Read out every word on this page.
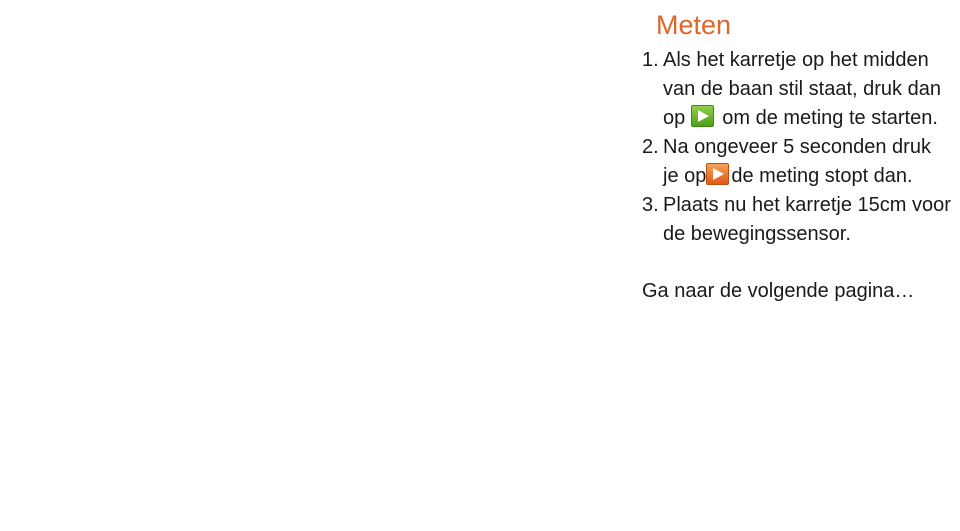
Meten
1. Als het karretje op het midden van de baan stil staat, druk dan op om de meting te starten.
2. Na ongeveer 5 seconden druk je op de meting stopt dan.
3. Plaats nu het karretje 15cm voor de bewegingssensor.

Ga naar de volgende pagina…
